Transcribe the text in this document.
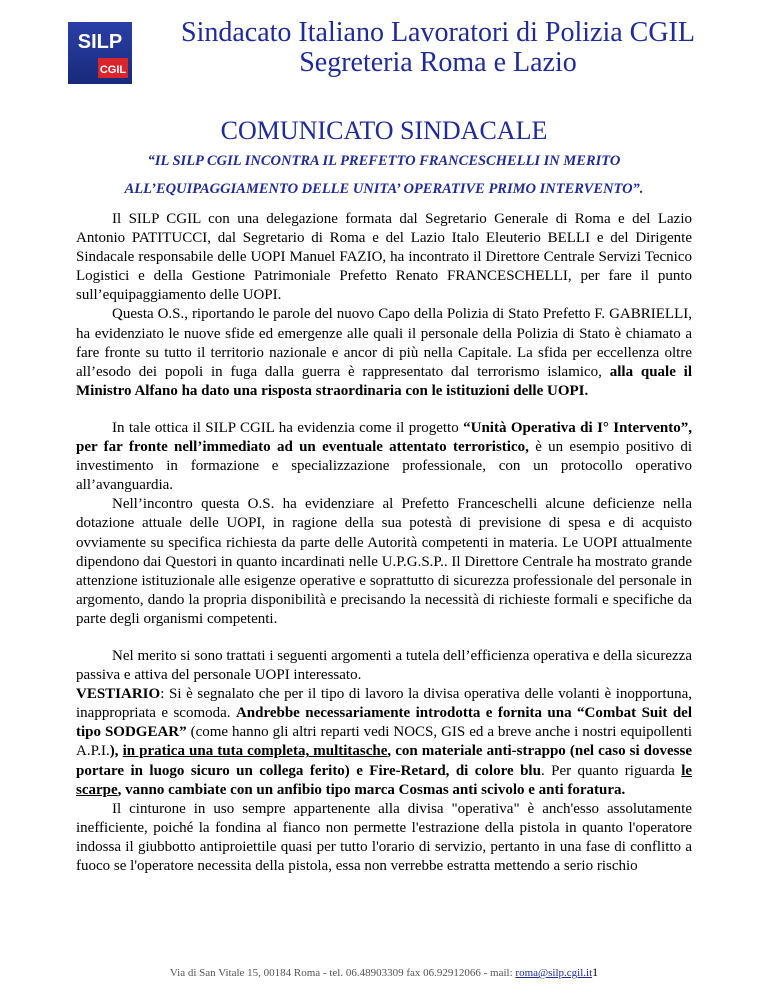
SILP
CGIL
Sindacato Italiano Lavoratori di Polizia CGIL
Segreteria Roma e Lazio
COMUNICATO SINDACALE
“IL SILP CGIL INCONTRA IL PREFETTO FRANCESCHELLI IN MERITO
ALL’EQUIPAGGIAMENTO DELLE UNITA’ OPERATIVE PRIMO INTERVENTO”.

Il SILP CGIL con una delegazione formata dal Segretario Generale di Roma e del Lazio Antonio PATITUCCI, dal Segretario di Roma e del Lazio Italo Eleuterio BELLI e del Dirigente Sindacale responsabile delle UOPI Manuel FAZIO, ha incontrato il Direttore Centrale Servizi Tecnico Logistici e della Gestione Patrimoniale Prefetto Renato FRANCESCHELLI, per fare il punto sull’equipaggiamento delle UOPI.

Questa O.S., riportando le parole del nuovo Capo della Polizia di Stato Prefetto F. GABRIELLI, ha evidenziato le nuove sfide ed emergenze alle quali il personale della Polizia di Stato è chiamato a fare fronte su tutto il territorio nazionale e ancor di più nella Capitale. La sfida per eccellenza oltre all’esodo dei popoli in fuga dalla guerra è rappresentato dal terrorismo islamico, alla quale il Ministro Alfano ha dato una risposta straordinaria con le istituzioni delle UOPI.

In tale ottica il SILP CGIL ha evidenzia come il progetto “Unità Operativa di I° Intervento”, per far fronte nell’immediato ad un eventuale attentato terroristico, è un esempio positivo di investimento in formazione e specializzazione professionale, con un protocollo operativo all’avanguardia.

Nell’incontro questa O.S. ha evidenziare al Prefetto Franceschelli alcune deficienze nella dotazione attuale delle UOPI, in ragione della sua potestà di previsione di spesa e di acquisto ovviamente su specifica richiesta da parte delle Autorità competenti in materia. Le UOPI attualmente dipendono dai Questori in quanto incardinati nelle U.P.G.S.P.. Il Direttore Centrale ha mostrato grande attenzione istituzionale alle esigenze operative e soprattutto di sicurezza professionale del personale in argomento, dando la propria disponibilità e precisando la necessità di richieste formali e specifiche da parte degli organismi competenti.

Nel merito si sono trattati i seguenti argomenti a tutela dell’efficienza operativa e della sicurezza passiva e attiva del personale UOPI interessato.

VESTIARIO: Si è segnalato che per il tipo di lavoro la divisa operativa delle volanti è inopportuna, inappropriata e scomoda. Andrebbe necessariamente introdotta e fornita una “Combat Suit del tipo SODGEAR” (come hanno gli altri reparti vedi NOCS, GIS ed a breve anche i nostri equipollenti A.P.I.), in pratica una tuta completa, multitasche, con materiale anti-strappo (nel caso si dovesse portare in luogo sicuro un collega ferito) e Fire-Retard, di colore blu. Per quanto riguarda le scarpe, vanno cambiate con un anfibio tipo marca Cosmas anti scivolo e anti foratura.

Il cinturone in uso sempre appartenente alla divisa "operativa" è anch'esso assolutamente inefficiente, poiché la fondina al fianco non permette l'estrazione della pistola in quanto l'operatore indossa il giubbotto antiproiettile quasi per tutto l'orario di servizio, pertanto in una fase di conflitto a fuoco se l'operatore necessita della pistola, essa non verrebbe estratta mettendo a serio rischio

Via di San Vitale 15, 00184 Roma - tel. 06.48903309 fax 06.92912066 - mail: roma@silp.cgil.it1
